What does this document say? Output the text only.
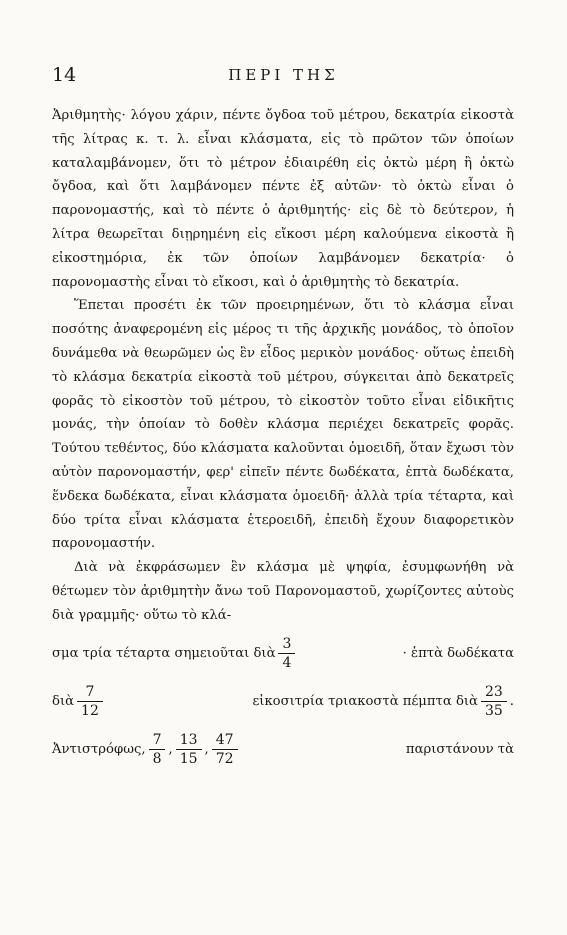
14	ΠΕΡΙ ΤΗΣ

Ἀριθμητὴς· λόγου χάριν, πέντε ὄγδοα τοῦ μέτρου, δεκατρία εἰκοστὰ τῆς λίτρας κ. τ. λ. εἶναι κλάσματα, εἰς τὸ πρῶτον τῶν ὁποίων καταλαμβάνομεν, ὅτι τὸ μέτρον ἐδιαιρέθη εἰς ὀκτὼ μέρη ἢ ὀκτὼ ὄγδοα, καὶ ὅτι λαμβάνομεν πέντε ἐξ αὐτῶν· τὸ ὀκτὼ εἶναι ὁ παρονομαστής, καὶ τὸ πέντε ὁ ἀριθμητής· εἰς δὲ τὸ δεύτερον, ἡ λίτρα θεωρεῖται διῃρημένη εἰς εἴκοσι μέρη καλούμενα εἰκοστὰ ἢ εἰκοστημόρια, ἐκ τῶν ὁποίων λαμβάνομεν δεκατρία· ὁ παρονομαστὴς εἶναι τὸ εἴκοσι, καὶ ὁ ἀριθμητὴς τὸ δεκατρία.

Ἕπεται προσέτι ἐκ τῶν προειρημένων, ὅτι τὸ κλάσμα εἶναι ποσότης ἀναφερομένη εἰς μέρος τι τῆς ἀρχικῆς μονάδος, τὸ ὁποῖον δυνάμεθα νὰ θεωρῶμεν ὡς ἓν εἶδος μερικὸν μονάδος· οὕτως ἐπειδὴ τὸ κλάσμα δεκατρία εἰκοστὰ τοῦ μέτρου, σύγκειται ἀπὸ δεκατρεῖς φορᾶς τὸ εἰκοστὸν τοῦ μέτρου, τὸ εἰκοστὸν τοῦτο εἶναι εἰδικῆτις μονάς, τὴν ὁποίαν τὸ δοθὲν κλάσμα περιέχει δεκατρεῖς φορᾶς. Τούτου τεθέντος, δύο κλάσματα καλοῦνται ὁμοειδῆ, ὅταν ἔχωσι τὸν αὐτὸν παρονομαστήν, φερ' εἰπεῖν πέντε δωδέκατα, ἑπτὰ δωδέκατα, ἕνδεκα δωδέκατα, εἶναι κλάσματα ὁμοειδῆ· ἀλλὰ τρία τέταρτα, καὶ δύο τρίτα εἶναι κλάσματα ἑτεροειδῆ, ἐπειδὴ ἔχουν διαφορετικὸν παρονομαστήν.

Διὰ νὰ ἐκφράσωμεν ἓν κλάσμα μὲ ψηφία, ἐσυμφωνήθη νὰ θέτωμεν τὸν ἀριθμητὴν ἄνω τοῦ Παρονομαστοῦ, χωρίζοντες αὐτοὺς διὰ γραμμῆς· οὕτω τὸ κλά-

σμα τρία τέταρτα σημειοῦται διὰ $\frac{3}{4}$	· ἑπτὰ δωδέκατα
διὰ $\frac{7}{12}$	εἰκοσιτρία τριακοστὰ πέμπτα διὰ $\frac{23}{35}$ .
Ἀντιστρόφως, $\frac{7}{8}$ , $\frac{13}{15}$ , $\frac{47}{72}$	παριστάνουν τὰ
